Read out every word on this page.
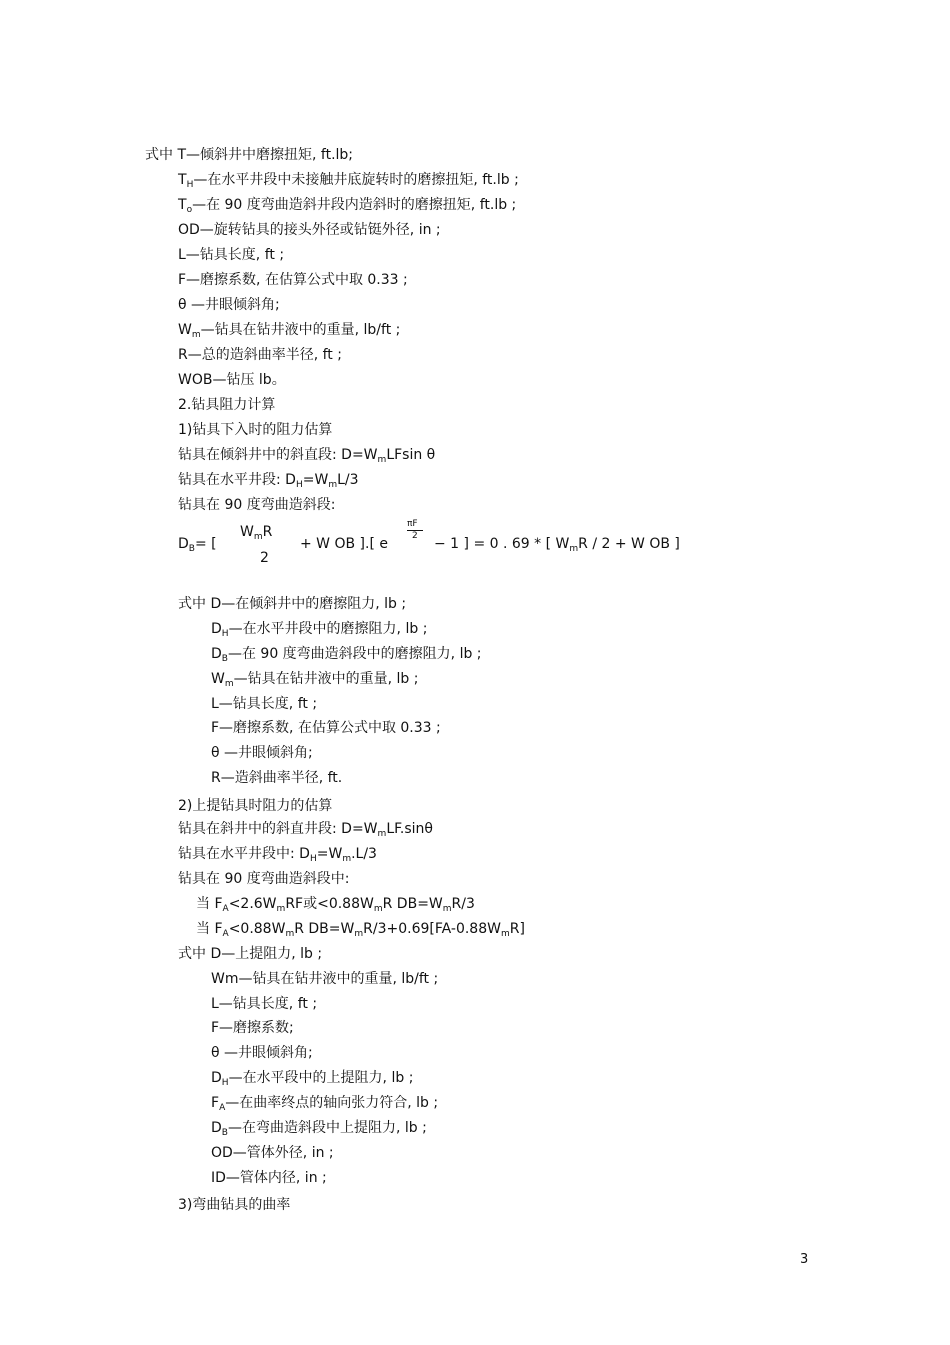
式中 T—倾斜井中磨擦扭矩, ft.lb;
$T_H—$在水平井段中未接触井底旋转时的磨擦扭矩, ft.lb ;
$T_o—$在 90 度弯曲造斜井段内造斜时的磨擦扭矩, ft.lb ;
OD—旋转钻具的接头外径或钻铤外径, in ;
L—钻具长度, ft ;
F—磨擦系数, 在估算公式中取 0.33 ;
θ —井眼倾斜角;
$W_m—$钻具在钻井液中的重量, lb/ft ;
R—总的造斜曲率半径, ft ;
WOB—钻压 lb。
2.钻具阻力计算
1)钻具下入时的阻力估算
钻具在倾斜井中的斜直段: $D=W_mLFsin$ θ
钻具在水平井段: $D_H=W_mL/3$
钻具在 90 度弯曲造斜段:
式中 D—在倾斜井中的磨擦阻力, lb ;
$D_H—$在水平井段中的磨擦阻力, lb ;
$D_B—$在 90 度弯曲造斜段中的磨擦阻力, lb ;
$W_m—$钻具在钻井液中的重量, lb ;
L—钻具长度, ft ;
F—磨擦系数, 在估算公式中取 0.33 ;
θ —井眼倾斜角;
R—造斜曲率半径, ft.
2)上提钻具时阻力的估算
钻具在斜井中的斜直井段: $D=W_mLF.\sin\theta$
钻具在水平井段中: $D_H=W_m.L/3$
钻具在 90 度弯曲造斜段中:
当 $F_A<2.6W_mRF$或$<0.88W_mR$ $DB=W_mR/3$
当 $F_A<0.88W_mR$ $DB=W_mR/3+0.69[FA-0.88W_mR]$
式中 D—上提阻力, lb ;
Wm—钻具在钻井液中的重量, lb/ft ;
L—钻具长度, ft ;
F—磨擦系数;
θ —井眼倾斜角;
$D_H—$在水平段中的上提阻力, lb ;
$F_A—$在曲率终点的轴向张力符合, lb ;
$D_B—$在弯曲造斜段中上提阻力, lb ;
OD—管体外径, in ;
ID—管体内径, in ;
3)弯曲钻具的曲率
$D_B=$ [
$W_mR$
2
+ W OB ].[ e
πF
2 − 1 ] = 0 . 69 * [ $W_mR / 2 + W$ OB ]
3
